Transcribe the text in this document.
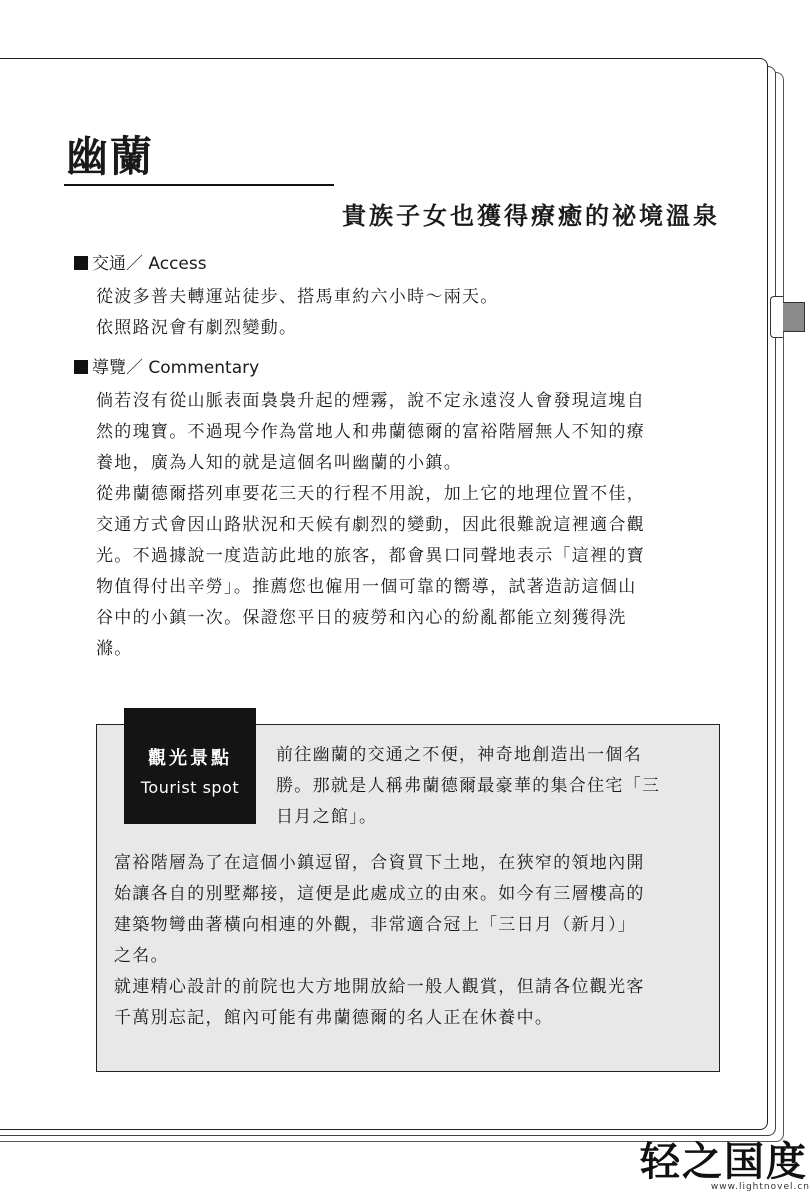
幽蘭
貴族子女也獲得療癒的祕境溫泉
交通／ Access

從波多普夫轉運站徒步、搭馬車約六小時～兩天。

依照路況會有劇烈變動。

導覽／ Commentary

倘若沒有從山脈表面裊裊升起的煙霧，說不定永遠沒人會發現這塊自

然的瑰寶。不過現今作為當地人和弗蘭德爾的富裕階層無人不知的療

養地，廣為人知的就是這個名叫幽蘭的小鎮。

從弗蘭德爾搭列車要花三天的行程不用說，加上它的地理位置不佳，

交通方式會因山路狀況和天候有劇烈的變動，因此很難說這裡適合觀

光。不過據說一度造訪此地的旅客，都會異口同聲地表示「這裡的寶

物值得付出辛勞」。推薦您也僱用一個可靠的嚮導，試著造訪這個山

谷中的小鎮一次。保證您平日的疲勞和內心的紛亂都能立刻獲得洗

滌。

觀光景點
Tourist spot

前往幽蘭的交通之不便，神奇地創造出一個名

勝。那就是人稱弗蘭德爾最豪華的集合住宅「三

日月之館」。

富裕階層為了在這個小鎮逗留，合資買下土地，在狹窄的領地內開

始讓各自的別墅鄰接，這便是此處成立的由來。如今有三層樓高的

建築物彎曲著橫向相連的外觀，非常適合冠上「三日月（新月）」

之名。

就連精心設計的前院也大方地開放給一般人觀賞，但請各位觀光客

千萬別忘記，館內可能有弗蘭德爾的名人正在休養中。

轻之国度
www.lightnovel.cn
